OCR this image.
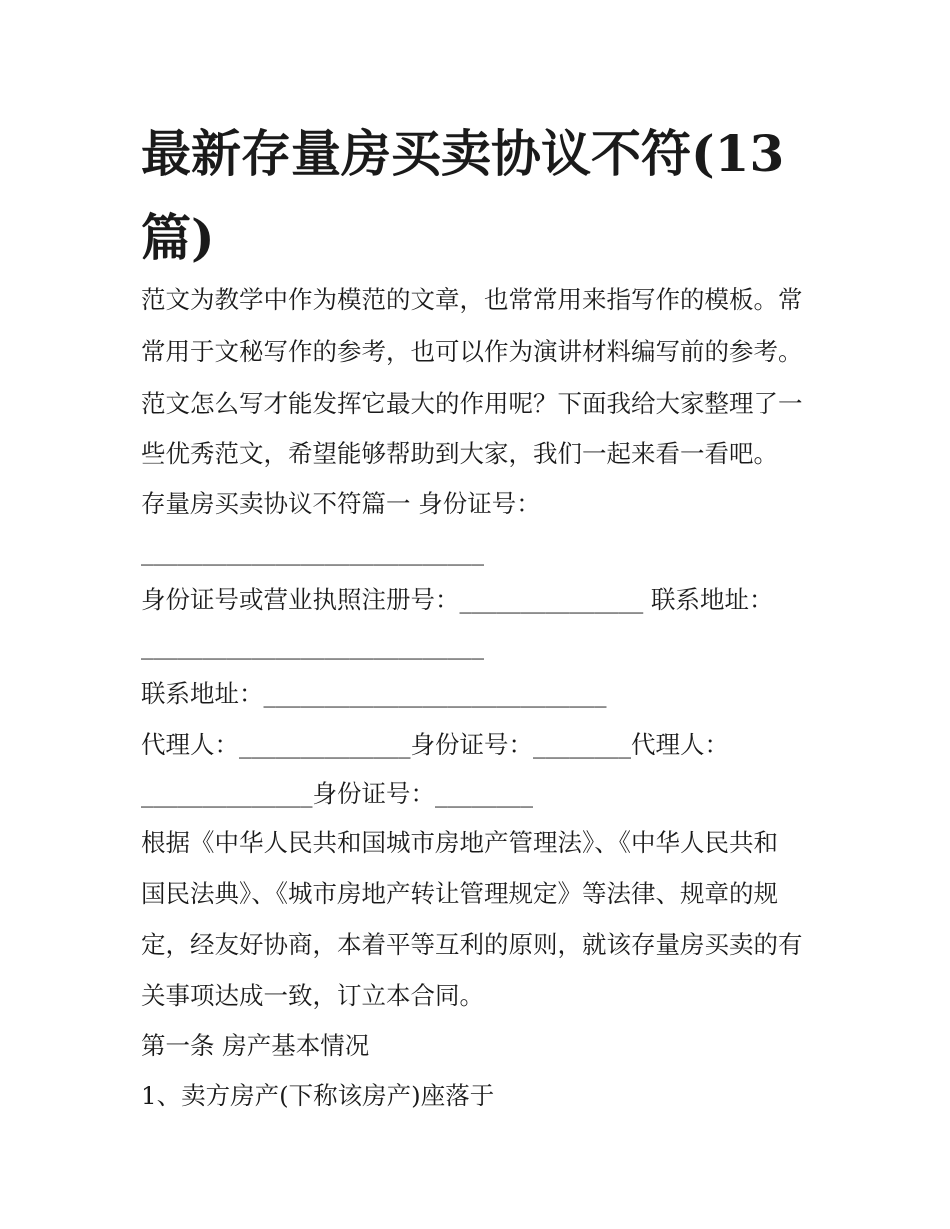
最新存量房买卖协议不符(13
篇)

范文为教学中作为模范的文章，也常常用来指写作的模板。常

常用于文秘写作的参考，也可以作为演讲材料编写前的参考。

范文怎么写才能发挥它最大的作用呢？下面我给大家整理了一

些优秀范文，希望能够帮助到大家，我们一起来看一看吧。

存量房买卖协议不符篇一 身份证号：

____________________________

身份证号或营业执照注册号：_______________ 联系地址：

____________________________

联系地址：____________________________

代理人：______________身份证号：________代理人：

______________身份证号：________

根据《中华人民共和国城市房地产管理法》、《中华人民共和

国民法典》、《城市房地产转让管理规定》等法律、规章的规

定，经友好协商，本着平等互利的原则，就该存量房买卖的有

关事项达成一致，订立本合同。

第一条 房产基本情况

1、卖方房产(下称该房产)座落于
